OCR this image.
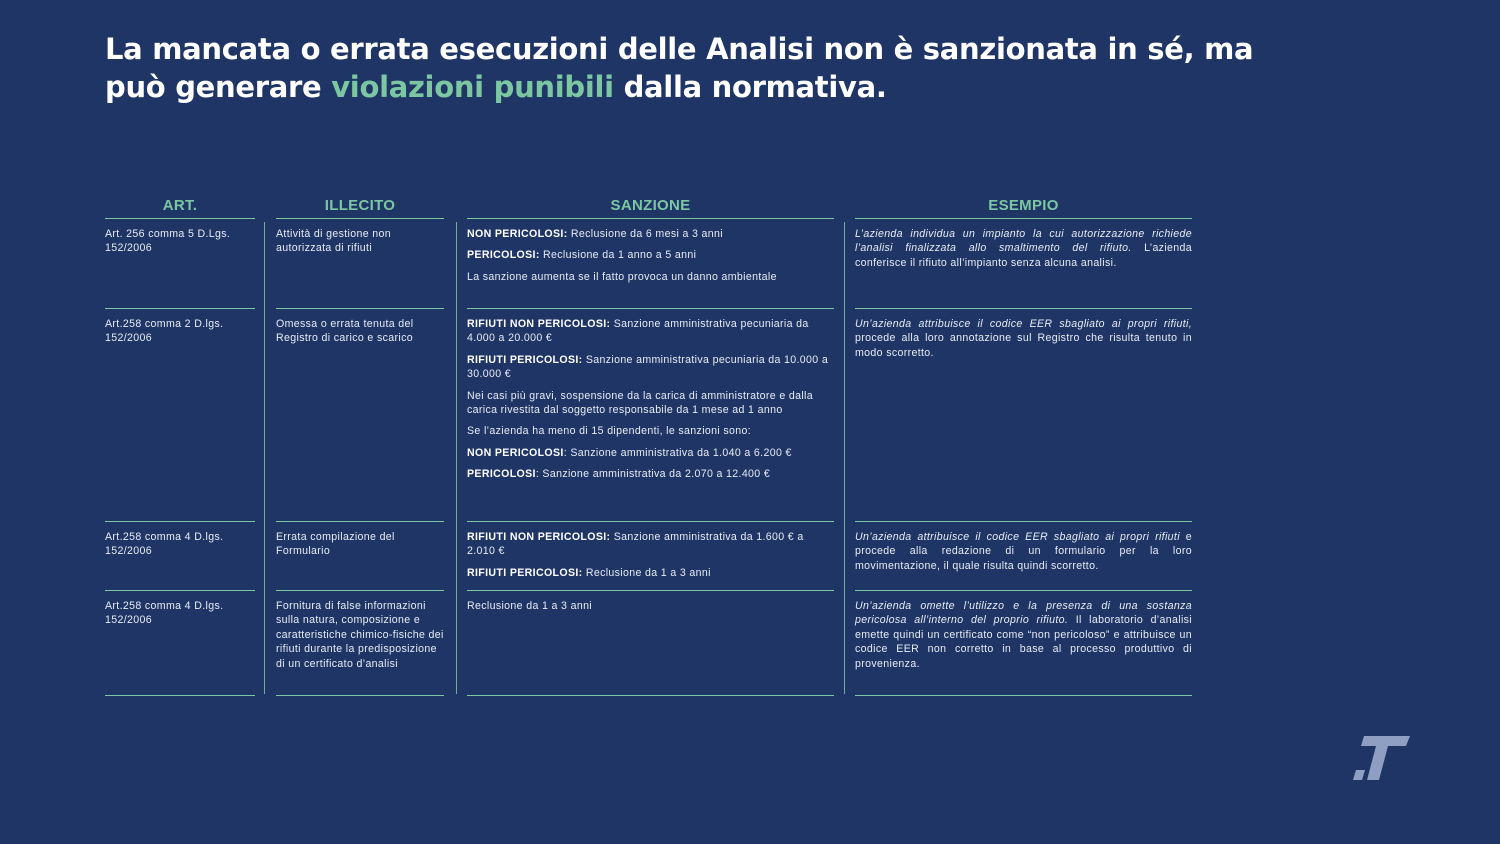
La mancata o errata esecuzioni delle Analisi non è sanzionata in sé, ma può generare violazioni punibili dalla normativa.
ART.
Art. 256 comma 5 D.Lgs. 152/2006
Art.258 comma 2 D.lgs. 152/2006
Art.258 comma 4 D.lgs. 152/2006
Art.258 comma 4 D.lgs. 152/2006
ILLECITO
Attività di gestione non autorizzata di rifiuti
Omessa o errata tenuta del Registro di carico e scarico
Errata compilazione del Formulario
Fornitura di false informazioni sulla natura, composizione e caratteristiche chimico-fisiche dei rifiuti durante la predisposizione di un certificato d’analisi
SANZIONE

NON PERICOLOSI: Reclusione da 6 mesi a 3 anni

PERICOLOSI: Reclusione da 1 anno a 5 anni

La sanzione aumenta se il fatto provoca un danno ambientale

RIFIUTI NON PERICOLOSI: Sanzione amministrativa pecuniaria da 4.000 a 20.000 €

RIFIUTI PERICOLOSI: Sanzione amministrativa pecuniaria da 10.000 a 30.000 €

Nei casi più gravi, sospensione da la carica di amministratore e dalla carica rivestita dal soggetto responsabile da 1 mese ad 1 anno

Se l’azienda ha meno di 15 dipendenti, le sanzioni sono:

NON PERICOLOSI: Sanzione amministrativa da 1.040 a 6.200 €

PERICOLOSI: Sanzione amministrativa da 2.070 a 12.400 €

RIFIUTI NON PERICOLOSI: Sanzione amministrativa da 1.600 € a 2.010 €

RIFIUTI PERICOLOSI: Reclusione da 1 a 3 anni

Reclusione da 1 a 3 anni

ESEMPIO
L’azienda individua un impianto la cui autorizzazione richiede l’analisi finalizzata allo smaltimento del rifiuto. L’azienda conferisce il rifiuto all’impianto senza alcuna analisi.
Un’azienda attribuisce il codice EER sbagliato ai propri rifiuti, procede alla loro annotazione sul Registro che risulta tenuto in modo scorretto.
Un’azienda attribuisce il codice EER sbagliato ai propri rifiuti e procede alla redazione di un formulario per la loro movimentazione, il quale risulta quindi scorretto.
Un’azienda omette l’utilizzo e la presenza di una sostanza pericolosa all’interno del proprio rifiuto. Il laboratorio d’analisi emette quindi un certificato come “non pericoloso” e attribuisce un codice EER non corretto in base al processo produttivo di provenienza.
